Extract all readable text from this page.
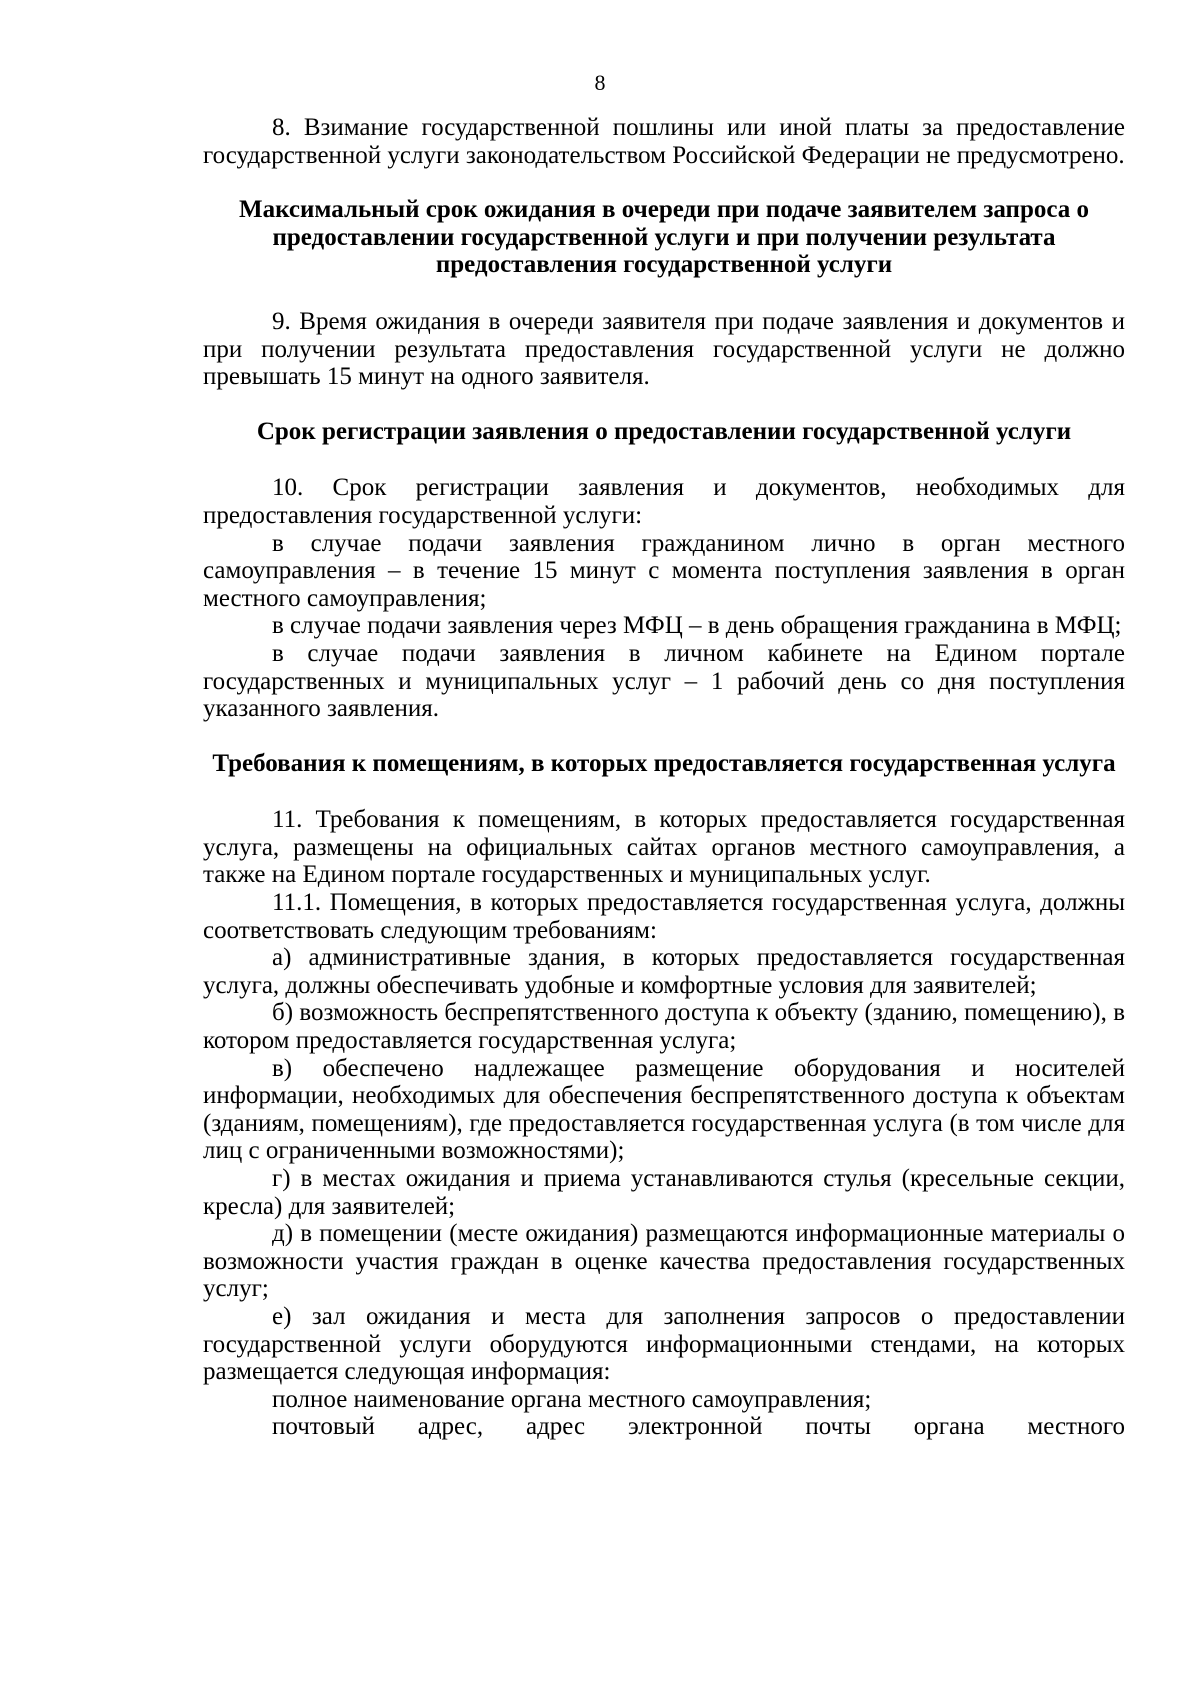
8

8. Взимание государственной пошлины или иной платы за предоставление государственной услуги законодательством Российской Федерации не предусмотрено.

Максимальный срок ожидания в очереди при подаче заявителем запроса о предоставлении государственной услуги и при получении результата предоставления государственной услуги

9. Время ожидания в очереди заявителя при подаче заявления и документов и при получении результата предоставления государственной услуги не должно превышать 15 минут на одного заявителя.

Срок регистрации заявления о предоставлении государственной услуги

10. Срок регистрации заявления и документов, необходимых для предоставления государственной услуги:

в случае подачи заявления гражданином лично в орган местного самоуправления – в течение 15 минут с момента поступления заявления в орган местного самоуправления;

в случае подачи заявления через МФЦ – в день обращения гражданина в МФЦ;

в случае подачи заявления в личном кабинете на Едином портале государственных и муниципальных услуг – 1 рабочий день со дня поступления указанного заявления.

Требования к помещениям, в которых предоставляется государственная услуга

11. Требования к помещениям, в которых предоставляется государственная услуга, размещены на официальных сайтах органов местного самоуправления, а также на Едином портале государственных и муниципальных услуг.

11.1. Помещения, в которых предоставляется государственная услуга, должны соответствовать следующим требованиям:

а) административные здания, в которых предоставляется государственная услуга, должны обеспечивать удобные и комфортные условия для заявителей;

б) возможность беспрепятственного доступа к объекту (зданию, помещению), в котором предоставляется государственная услуга;

в) обеспечено надлежащее размещение оборудования и носителей информации, необходимых для обеспечения беспрепятственного доступа к объектам (зданиям, помещениям), где предоставляется государственная услуга (в том числе для лиц с ограниченными возможностями);

г) в местах ожидания и приема устанавливаются стулья (кресельные секции, кресла) для заявителей;

д) в помещении (месте ожидания) размещаются информационные материалы о возможности участия граждан в оценке качества предоставления государственных услуг;

е) зал ожидания и места для заполнения запросов о предоставлении государственной услуги оборудуются информационными стендами, на которых размещается следующая информация:

полное наименование органа местного самоуправления;

почтовый адрес, адрес электронной почты органа местного
